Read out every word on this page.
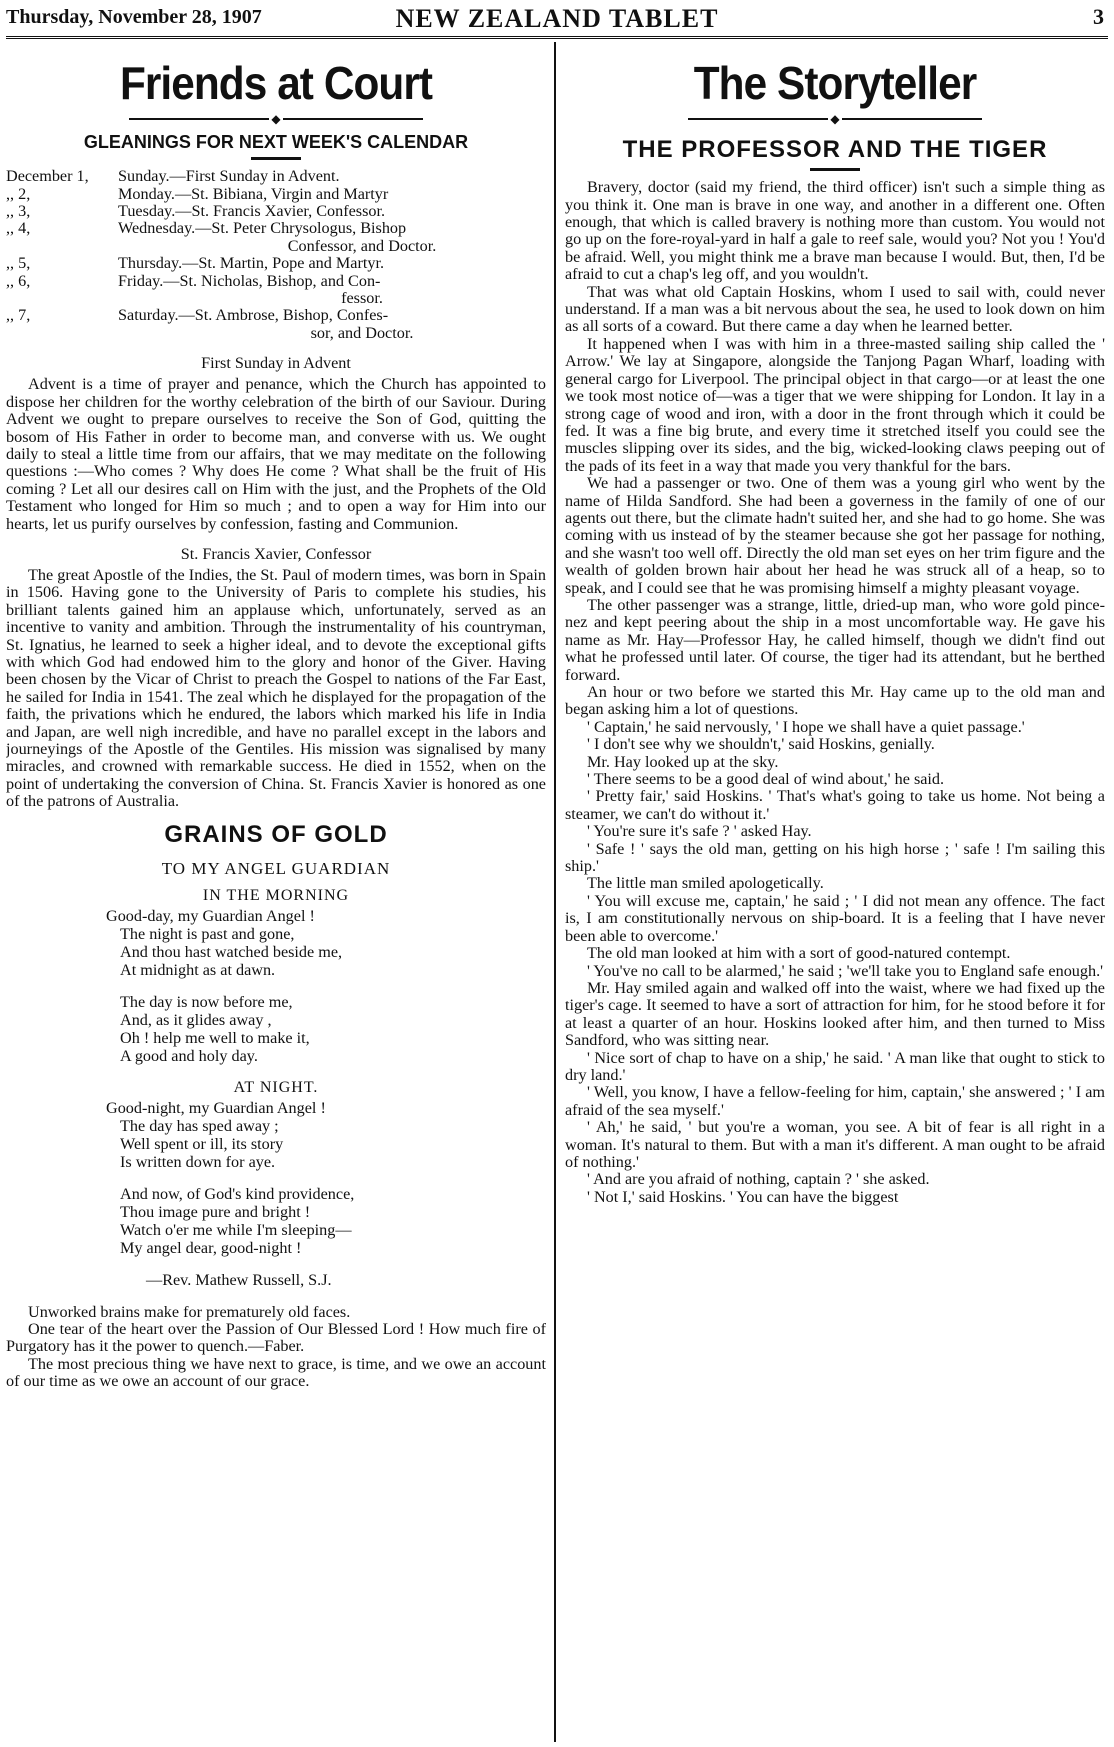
Thursday, November 28, 1907	NEW ZEALAND TABLET	3
Friends at Court
◆
GLEANINGS FOR NEXT WEEK'S CALENDAR
December 1,	Sunday.—First Sunday in Advent.
,, 2,	Monday.—St. Bibiana, Virgin and Martyr
,, 3,	Tuesday.—St. Francis Xavier, Confessor.
,, 4,	Wednesday.—St. Peter Chrysologus, Bishop
Confessor, and Doctor.
,, 5,	Thursday.—St. Martin, Pope and Martyr.
,, 6,	Friday.—St. Nicholas, Bishop, and Con-
fessor.
,, 7,	Saturday.—St. Ambrose, Bishop, Confes-
sor, and Doctor.
First Sunday in Advent

Advent is a time of prayer and penance, which the Church has appointed to dispose her children for the worthy celebration of the birth of our Saviour. During Advent we ought to prepare ourselves to receive the Son of God, quitting the bosom of His Father in order to become man, and converse with us. We ought daily to steal a little time from our affairs, that we may meditate on the following questions :—Who comes ? Why does He come ? What shall be the fruit of His coming ? Let all our desires call on Him with the just, and the Prophets of the Old Testament who longed for Him so much ; and to open a way for Him into our hearts, let us purify ourselves by confession, fasting and Communion.

St. Francis Xavier, Confessor

The great Apostle of the Indies, the St. Paul of modern times, was born in Spain in 1506. Having gone to the University of Paris to complete his studies, his brilliant talents gained him an applause which, unfortunately, served as an incentive to vanity and ambition. Through the instrumentality of his countryman, St. Ignatius, he learned to seek a higher ideal, and to devote the exceptional gifts with which God had endowed him to the glory and honor of the Giver. Having been chosen by the Vicar of Christ to preach the Gospel to nations of the Far East, he sailed for India in 1541. The zeal which he displayed for the propagation of the faith, the privations which he endured, the labors which marked his life in India and Japan, are well nigh incredible, and have no parallel except in the labors and journeyings of the Apostle of the Gentiles. His mission was signalised by many miracles, and crowned with remarkable success. He died in 1552, when on the point of undertaking the conversion of China. St. Francis Xavier is honored as one of the patrons of Australia.

GRAINS OF GOLD
TO MY ANGEL GUARDIAN
IN THE MORNING
Good-day, my Guardian Angel !
The night is past and gone,
And thou hast watched beside me,
At midnight as at dawn.
The day is now before me,
And, as it glides away ,
Oh ! help me well to make it,
A good and holy day.
AT NIGHT.
Good-night, my Guardian Angel !
The day has sped away ;
Well spent or ill, its story
Is written down for aye.
And now, of God's kind providence,
Thou image pure and bright !
Watch o'er me while I'm sleeping—
My angel dear, good-night !
—Rev. Mathew Russell, S.J.

Unworked brains make for prematurely old faces.

One tear of the heart over the Passion of Our Blessed Lord ! How much fire of Purgatory has it the power to quench.—Faber.

The most precious thing we have next to grace, is time, and we owe an account of our time as we owe an account of our grace.

The Storyteller
◆
THE PROFESSOR AND THE TIGER

Bravery, doctor (said my friend, the third officer) isn't such a simple thing as you think it. One man is brave in one way, and another in a different one. Often enough, that which is called bravery is nothing more than custom. You would not go up on the fore-royal-yard in half a gale to reef sale, would you? Not you ! You'd be afraid. Well, you might think me a brave man because I would. But, then, I'd be afraid to cut a chap's leg off, and you wouldn't.

That was what old Captain Hoskins, whom I used to sail with, could never understand. If a man was a bit nervous about the sea, he used to look down on him as all sorts of a coward. But there came a day when he learned better.

It happened when I was with him in a three-masted sailing ship called the ' Arrow.' We lay at Singapore, alongside the Tanjong Pagan Wharf, loading with general cargo for Liverpool. The principal object in that cargo—or at least the one we took most notice of—was a tiger that we were shipping for London. It lay in a strong cage of wood and iron, with a door in the front through which it could be fed. It was a fine big brute, and every time it stretched itself you could see the muscles slipping over its sides, and the big, wicked-looking claws peeping out of the pads of its feet in a way that made you very thankful for the bars.

We had a passenger or two. One of them was a young girl who went by the name of Hilda Sandford. She had been a governess in the family of one of our agents out there, but the climate hadn't suited her, and she had to go home. She was coming with us instead of by the steamer because she got her passage for nothing, and she wasn't too well off. Directly the old man set eyes on her trim figure and the wealth of golden brown hair about her head he was struck all of a heap, so to speak, and I could see that he was promising himself a mighty pleasant voyage.

The other passenger was a strange, little, dried-up man, who wore gold pince-nez and kept peering about the ship in a most uncomfortable way. He gave his name as Mr. Hay—Professor Hay, he called himself, though we didn't find out what he professed until later. Of course, the tiger had its attendant, but he berthed forward.

An hour or two before we started this Mr. Hay came up to the old man and began asking him a lot of questions.

' Captain,' he said nervously, ' I hope we shall have a quiet passage.'

' I don't see why we shouldn't,' said Hoskins, genially.

Mr. Hay looked up at the sky.

' There seems to be a good deal of wind about,' he said.

' Pretty fair,' said Hoskins. ' That's what's going to take us home. Not being a steamer, we can't do without it.'

' You're sure it's safe ? ' asked Hay.

' Safe ! ' says the old man, getting on his high horse ; ' safe ! I'm sailing this ship.'

The little man smiled apologetically.

' You will excuse me, captain,' he said ; ' I did not mean any offence. The fact is, I am constitutionally nervous on ship-board. It is a feeling that I have never been able to overcome.'

The old man looked at him with a sort of good-natured contempt.

' You've no call to be alarmed,' he said ; 'we'll take you to England safe enough.'

Mr. Hay smiled again and walked off into the waist, where we had fixed up the tiger's cage. It seemed to have a sort of attraction for him, for he stood before it for at least a quarter of an hour. Hoskins looked after him, and then turned to Miss Sandford, who was sitting near.

' Nice sort of chap to have on a ship,' he said. ' A man like that ought to stick to dry land.'

' Well, you know, I have a fellow-feeling for him, captain,' she answered ; ' I am afraid of the sea myself.'

' Ah,' he said, ' but you're a woman, you see. A bit of fear is all right in a woman. It's natural to them. But with a man it's different. A man ought to be afraid of nothing.'

' And are you afraid of nothing, captain ? ' she asked.

' Not I,' said Hoskins. ' You can have the biggest
